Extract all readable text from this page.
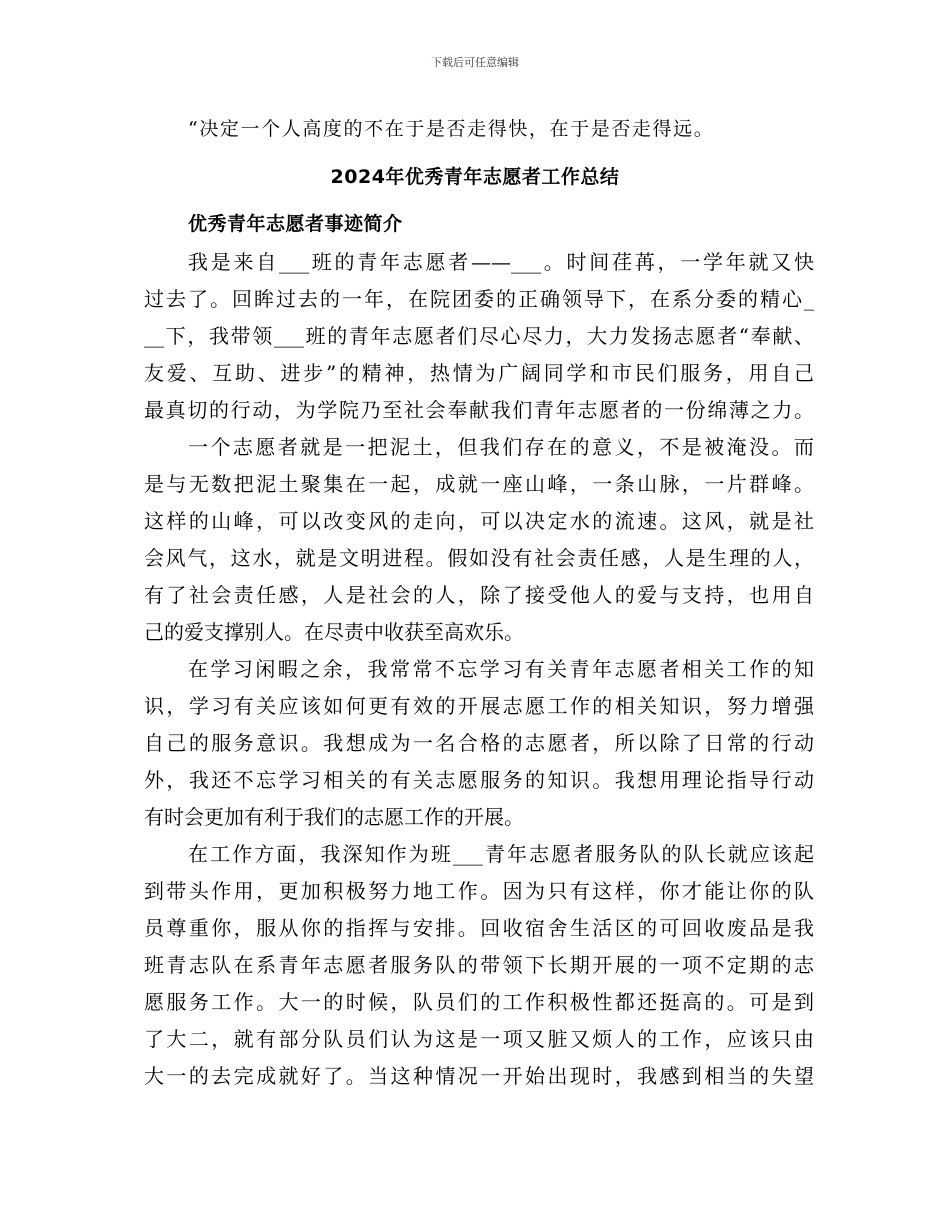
下载后可任意编辑
“决定一个人高度的不在于是否走得快，在于是否走得远。
2024年优秀青年志愿者工作总结
优秀青年志愿者事迹简介
我是来自___班的青年志愿者——___。时间荏苒，一学年就又快
过去了。回眸过去的一年，在院团委的正确领导下，在系分委的精心_
__下，我带领___班的青年志愿者们尽心尽力，大力发扬志愿者“奉献、
友爱、互助、进步”的精神，热情为广阔同学和市民们服务，用自己
最真切的行动，为学院乃至社会奉献我们青年志愿者的一份绵薄之力。
一个志愿者就是一把泥土，但我们存在的意义，不是被淹没。而
是与无数把泥土聚集在一起，成就一座山峰，一条山脉，一片群峰。
这样的山峰，可以改变风的走向，可以决定水的流速。这风，就是社
会风气，这水，就是文明进程。假如没有社会责任感，人是生理的人，
有了社会责任感，人是社会的人，除了接受他人的爱与支持，也用自
己的爱支撑别人。在尽责中收获至高欢乐。
在学习闲暇之余，我常常不忘学习有关青年志愿者相关工作的知
识，学习有关应该如何更有效的开展志愿工作的相关知识，努力增强
自己的服务意识。我想成为一名合格的志愿者，所以除了日常的行动
外，我还不忘学习相关的有关志愿服务的知识。我想用理论指导行动
有时会更加有利于我们的志愿工作的开展。
在工作方面，我深知作为班___青年志愿者服务队的队长就应该起
到带头作用，更加积极努力地工作。因为只有这样，你才能让你的队
员尊重你，服从你的指挥与安排。回收宿舍生活区的可回收废品是我
班青志队在系青年志愿者服务队的带领下长期开展的一项不定期的志
愿服务工作。大一的时候，队员们的工作积极性都还挺高的。可是到
了大二，就有部分队员们认为这是一项又脏又烦人的工作，应该只由
大一的去完成就好了。当这种情况一开始出现时，我感到相当的失望
